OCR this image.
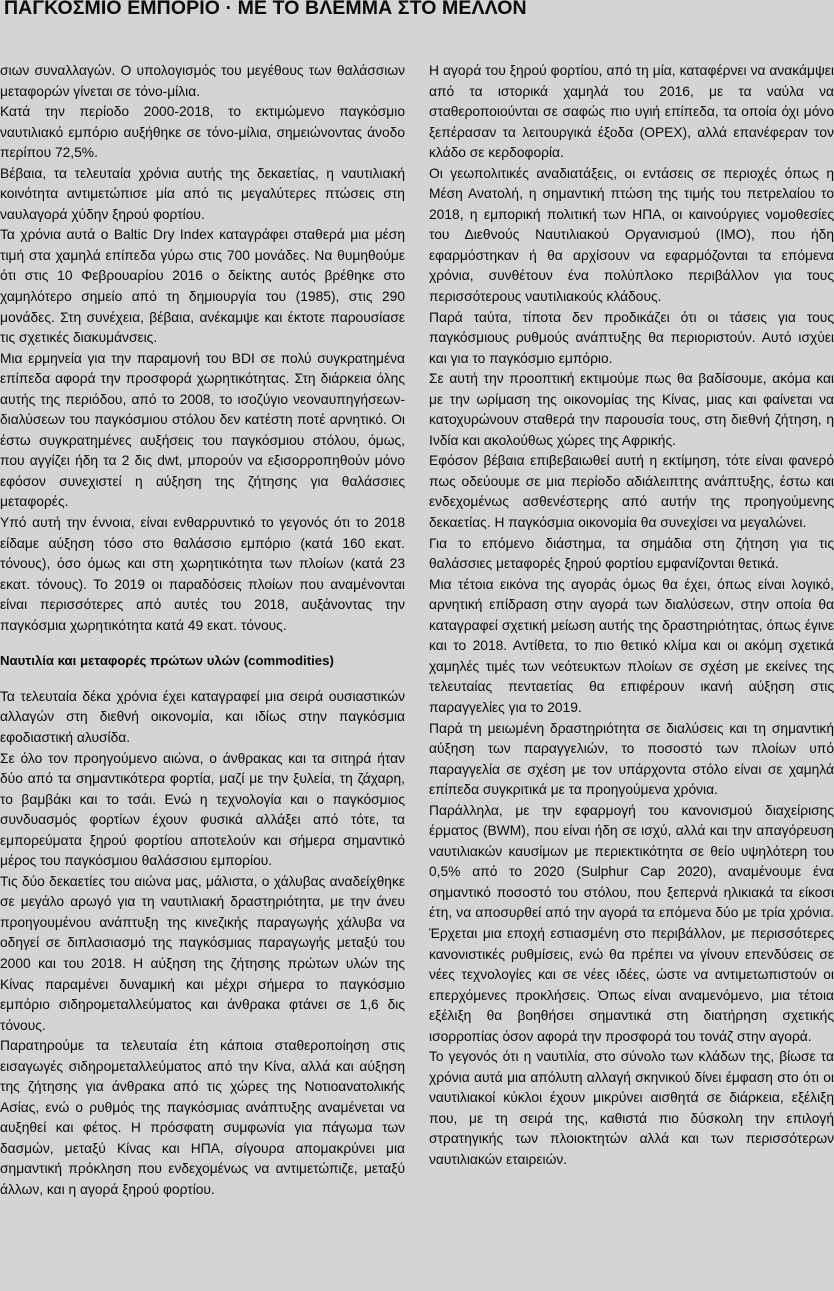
ΠΑΓΚΟΣΜΙΟ ΕΜΠΟΡΙΟ · ΜΕ ΤΟ ΒΛΕΜΜΑ ΣΤΟ ΜΕΛΛΟΝ

σιων συναλλαγών. Ο υπολογισμός του μεγέθους των θαλάσσιων μεταφορών γίνεται σε τόνο-μίλια.

Κατά την περίοδο 2000-2018, το εκτιμώμενο παγκόσμιο ναυτιλιακό εμπόριο αυξήθηκε σε τόνο-μίλια, σημειώνοντας άνοδο περίπου 72,5%.

Βέβαια, τα τελευταία χρόνια αυτής της δεκαετίας, η ναυτιλιακή κοινότητα αντιμετώπισε μία από τις μεγαλύτερες πτώσεις στη ναυλαγορά χύδην ξηρού φορτίου.

Τα χρόνια αυτά ο Baltic Dry Index καταγράφει σταθερά μια μέση τιμή στα χαμηλά επίπεδα γύρω στις 700 μονάδες. Να θυμηθούμε ότι στις 10 Φεβρουαρίου 2016 ο δείκτης αυτός βρέθηκε στο χαμηλότερο σημείο από τη δημιουργία του (1985), στις 290 μονάδες. Στη συνέχεια, βέβαια, ανέκαμψε και έκτοτε παρουσίασε τις σχετικές διακυμάνσεις.

Μια ερμηνεία για την παραμονή του BDI σε πολύ συγκρατημένα επίπεδα αφορά την προσφορά χωρητικότητας. Στη διάρκεια όλης αυτής της περιόδου, από το 2008, το ισοζύγιο νεοναυπηγήσεων-διαλύσεων του παγκόσμιου στόλου δεν κατέστη ποτέ αρνητικό. Οι έστω συγκρατημένες αυξήσεις του παγκόσμιου στόλου, όμως, που αγγίζει ήδη τα 2 δις dwt, μπορούν να εξισορροπηθούν μόνο εφόσον συνεχιστεί η αύξηση της ζήτησης για θαλάσσιες μεταφορές.

Υπό αυτή την έννοια, είναι ενθαρρυντικό το γεγονός ότι το 2018 είδαμε αύξηση τόσο στο θαλάσσιο εμπόριο (κατά 160 εκατ. τόνους), όσο όμως και στη χωρητικότητα των πλοίων (κατά 23 εκατ. τόνους). Το 2019 οι παραδόσεις πλοίων που αναμένονται είναι περισσότερες από αυτές του 2018, αυξάνοντας την παγκόσμια χωρητικότητα κατά 49 εκατ. τόνους.

Ναυτιλία και μεταφορές πρώτων υλών (commodities)

Τα τελευταία δέκα χρόνια έχει καταγραφεί μια σειρά ουσιαστικών αλλαγών στη διεθνή οικονομία, και ιδίως στην παγκόσμια εφοδιαστική αλυσίδα.

Σε όλο τον προηγούμενο αιώνα, ο άνθρακας και τα σιτηρά ήταν δύο από τα σημαντικότερα φορτία, μαζί με την ξυλεία, τη ζάχαρη, το βαμβάκι και το τσάι. Ενώ η τεχνολογία και ο παγκόσμιος συνδυασμός φορτίων έχουν φυσικά αλλάξει από τότε, τα εμπορεύματα ξηρού φορτίου αποτελούν και σήμερα σημαντικό μέρος του παγκόσμιου θαλάσσιου εμπορίου.

Τις δύο δεκαετίες του αιώνα μας, μάλιστα, ο χάλυβας αναδείχθηκε σε μεγάλο αρωγό για τη ναυτιλιακή δραστηριότητα, με την άνευ προηγουμένου ανάπτυξη της κινεζικής παραγωγής χάλυβα να οδηγεί σε διπλασιασμό της παγκόσμιας παραγωγής μεταξύ του 2000 και του 2018. Η αύξηση της ζήτησης πρώτων υλών της Κίνας παραμένει δυναμική και μέχρι σήμερα το παγκόσμιο εμπόριο σιδηρομεταλλεύματος και άνθρακα φτάνει σε 1,6 δις τόνους.

Παρατηρούμε τα τελευταία έτη κάποια σταθεροποίηση στις εισαγωγές σιδηρομεταλλεύματος από την Κίνα, αλλά και αύξηση της ζήτησης για άνθρακα από τις χώρες της Νοτιοανατολικής Ασίας, ενώ ο ρυθμός της παγκόσμιας ανάπτυξης αναμένεται να αυξηθεί και φέτος. Η πρόσφατη συμφωνία για πάγωμα των δασμών, μεταξύ Κίνας και ΗΠΑ, σίγουρα απομακρύνει μια σημαντική πρόκληση που ενδεχομένως να αντιμετώπιζε, μεταξύ άλλων, και η αγορά ξηρού φορτίου.

Η αγορά του ξηρού φορτίου, από τη μία, καταφέρνει να ανακάμψει από τα ιστορικά χαμηλά του 2016, με τα ναύλα να σταθεροποιούνται σε σαφώς πιο υγιή επίπεδα, τα οποία όχι μόνο ξεπέρασαν τα λειτουργικά έξοδα (OPEX), αλλά επανέφεραν τον κλάδο σε κερδοφορία.

Οι γεωπολιτικές αναδιατάξεις, οι εντάσεις σε περιοχές όπως η Μέση Ανατολή, η σημαντική πτώση της τιμής του πετρελαίου το 2018, η εμπορική πολιτική των ΗΠΑ, οι καινούργιες νομοθεσίες του Διεθνούς Ναυτιλιακού Οργανισμού (IMO), που ήδη εφαρμόστηκαν ή θα αρχίσουν να εφαρμόζονται τα επόμενα χρόνια, συνθέτουν ένα πολύπλοκο περιβάλλον για τους περισσότερους ναυτιλιακούς κλάδους.

Παρά ταύτα, τίποτα δεν προδικάζει ότι οι τάσεις για τους παγκόσμιους ρυθμούς ανάπτυξης θα περιοριστούν. Αυτό ισχύει και για το παγκόσμιο εμπόριο.

Σε αυτή την προοπτική εκτιμούμε πως θα βαδίσουμε, ακόμα και με την ωρίμαση της οικονομίας της Κίνας, μιας και φαίνεται να κατοχυρώνουν σταθερά την παρουσία τους, στη διεθνή ζήτηση, η Ινδία και ακολούθως χώρες της Αφρικής.

Εφόσον βέβαια επιβεβαιωθεί αυτή η εκτίμηση, τότε είναι φανερό πως οδεύουμε σε μια περίοδο αδιάλειπτης ανάπτυξης, έστω και ενδεχομένως ασθενέστερης από αυτήν της προηγούμενης δεκαετίας. Η παγκόσμια οικονομία θα συνεχίσει να μεγαλώνει.

Για το επόμενο διάστημα, τα σημάδια στη ζήτηση για τις θαλάσσιες μεταφορές ξηρού φορτίου εμφανίζονται θετικά.

Μια τέτοια εικόνα της αγοράς όμως θα έχει, όπως είναι λογικό, αρνητική επίδραση στην αγορά των διαλύσεων, στην οποία θα καταγραφεί σχετική μείωση αυτής της δραστηριότητας, όπως έγινε και το 2018. Αντίθετα, το πιο θετικό κλίμα και οι ακόμη σχετικά χαμηλές τιμές των νεότευκτων πλοίων σε σχέση με εκείνες της τελευταίας πενταετίας θα επιφέρουν ικανή αύξηση στις παραγγελίες για το 2019.

Παρά τη μειωμένη δραστηριότητα σε διαλύσεις και τη σημαντική αύξηση των παραγγελιών, το ποσοστό των πλοίων υπό παραγγελία σε σχέση με τον υπάρχοντα στόλο είναι σε χαμηλά επίπεδα συγκριτικά με τα προηγούμενα χρόνια.

Παράλληλα, με την εφαρμογή του κανονισμού διαχείρισης έρματος (BWM), που είναι ήδη σε ισχύ, αλλά και την απαγόρευση ναυτιλιακών καυσίμων με περιεκτικότητα σε θείο υψηλότερη του 0,5% από το 2020 (Sulphur Cap 2020), αναμένουμε ένα σημαντικό ποσοστό του στόλου, που ξεπερνά ηλικιακά τα είκοσι έτη, να αποσυρθεί από την αγορά τα επόμενα δύο με τρία χρόνια. Έρχεται μια εποχή εστιασμένη στο περιβάλλον, με περισσότερες κανονιστικές ρυθμίσεις, ενώ θα πρέπει να γίνουν επενδύσεις σε νέες τεχνολογίες και σε νέες ιδέες, ώστε να αντιμετωπιστούν οι επερχόμενες προκλήσεις. Όπως είναι αναμενόμενο, μια τέτοια εξέλιξη θα βοηθήσει σημαντικά στη διατήρηση σχετικής ισορροπίας όσον αφορά την προσφορά του τονάζ στην αγορά.

Το γεγονός ότι η ναυτιλία, στο σύνολο των κλάδων της, βίωσε τα χρόνια αυτά μια απόλυτη αλλαγή σκηνικού δίνει έμφαση στο ότι οι ναυτιλιακοί κύκλοι έχουν μικρύνει αισθητά σε διάρκεια, εξέλιξη που, με τη σειρά της, καθιστά πιο δύσκολη την επιλογή στρατηγικής των πλοιοκτητών αλλά και των περισσότερων ναυτιλιακών εταιρειών.
